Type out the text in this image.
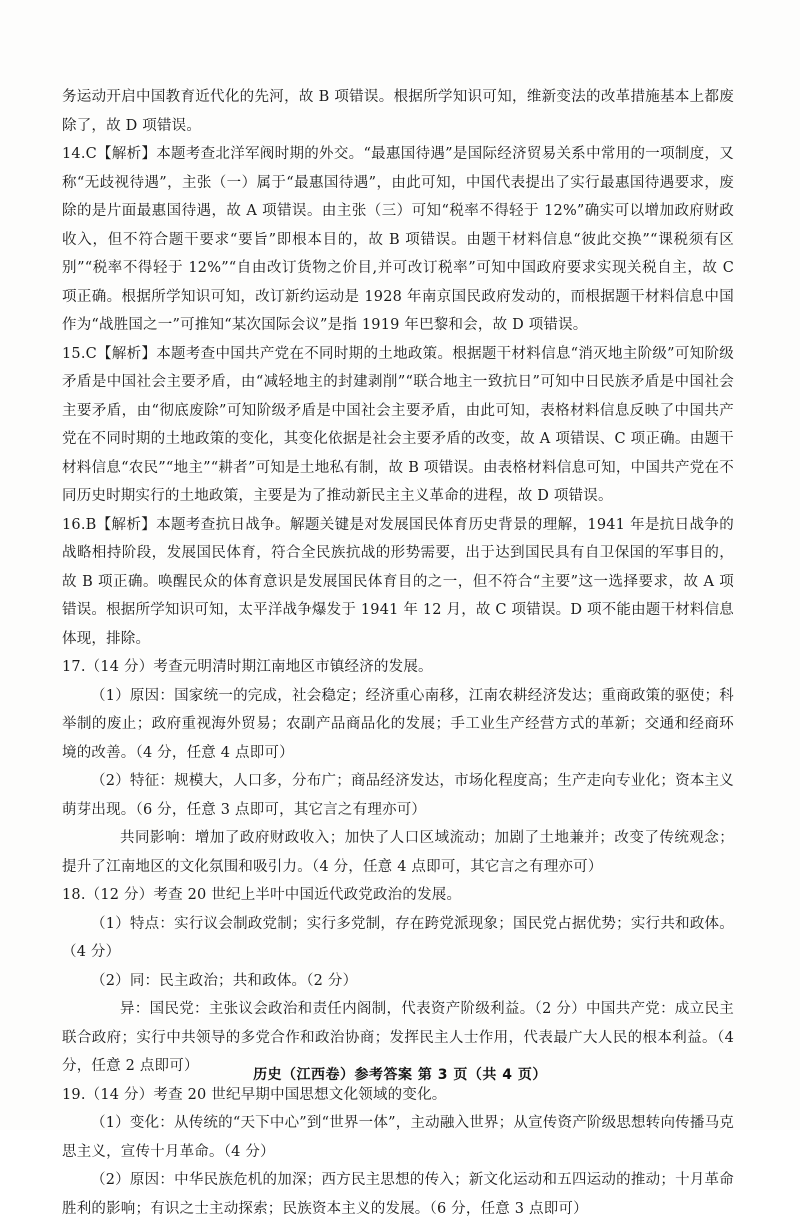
务运动开启中国教育近代化的先河，故 B 项错误。根据所学知识可知，维新变法的改革措施基本上都废除了，故 D 项错误。

14.C【解析】本题考查北洋军阀时期的外交。“最惠国待遇”是国际经济贸易关系中常用的一项制度，又称“无歧视待遇”，主张（一）属于“最惠国待遇”，由此可知，中国代表提出了实行最惠国待遇要求，废除的是片面最惠国待遇，故 A 项错误。由主张（三）可知“税率不得轻于 12%”确实可以增加政府财政收入，但不符合题干要求“要旨”即根本目的，故 B 项错误。由题干材料信息“彼此交换”“课税须有区别”“税率不得轻于 12%”“自由改订货物之价目,并可改订税率”可知中国政府要求实现关税自主，故 C 项正确。根据所学知识可知，改订新约运动是 1928 年南京国民政府发动的，而根据题干材料信息中国作为“战胜国之一”可推知“某次国际会议”是指 1919 年巴黎和会，故 D 项错误。

15.C【解析】本题考查中国共产党在不同时期的土地政策。根据题干材料信息“消灭地主阶级”可知阶级矛盾是中国社会主要矛盾，由“减轻地主的封建剥削”“联合地主一致抗日”可知中日民族矛盾是中国社会主要矛盾，由“彻底废除”可知阶级矛盾是中国社会主要矛盾，由此可知，表格材料信息反映了中国共产党在不同时期的土地政策的变化，其变化依据是社会主要矛盾的改变，故 A 项错误、C 项正确。由题干材料信息“农民”“地主”“耕者”可知是土地私有制，故 B 项错误。由表格材料信息可知，中国共产党在不同历史时期实行的土地政策，主要是为了推动新民主主义革命的进程，故 D 项错误。

16.B【解析】本题考查抗日战争。解题关键是对发展国民体育历史背景的理解，1941 年是抗日战争的战略相持阶段，发展国民体育，符合全民族抗战的形势需要，出于达到国民具有自卫保国的军事目的，故 B 项正确。唤醒民众的体育意识是发展国民体育目的之一，但不符合“主要”这一选择要求，故 A 项错误。根据所学知识可知，太平洋战争爆发于 1941 年 12 月，故 C 项错误。D 项不能由题干材料信息体现，排除。

17.（14 分）考查元明清时期江南地区市镇经济的发展。

（1）原因：国家统一的完成，社会稳定；经济重心南移，江南农耕经济发达；重商政策的驱使；科举制的废止；政府重视海外贸易；农副产品商品化的发展；手工业生产经营方式的革新；交通和经商环境的改善。（4 分，任意 4 点即可）

（2）特征：规模大，人口多，分布广；商品经济发达，市场化程度高；生产走向专业化；资本主义萌芽出现。（6 分，任意 3 点即可，其它言之有理亦可）

共同影响：增加了政府财政收入；加快了人口区域流动；加剧了土地兼并；改变了传统观念；提升了江南地区的文化氛围和吸引力。（4 分，任意 4 点即可，其它言之有理亦可）

18.（12 分）考查 20 世纪上半叶中国近代政党政治的发展。

（1）特点：实行议会制政党制；实行多党制，存在跨党派现象；国民党占据优势；实行共和政体。（4 分）

（2）同：民主政治；共和政体。（2 分）

异：国民党：主张议会政治和责任内阁制，代表资产阶级利益。（2 分）中国共产党：成立民主联合政府；实行中共领导的多党合作和政治协商；发挥民主人士作用，代表最广大人民的根本利益。（4 分，任意 2 点即可）

19.（14 分）考查 20 世纪早期中国思想文化领域的变化。

（1）变化：从传统的“天下中心”到“世界一体”，主动融入世界；从宣传资产阶级思想转向传播马克思主义，宣传十月革命。（4 分）

（2）原因：中华民族危机的加深；西方民主思想的传入；新文化运动和五四运动的推动；十月革命胜利的影响；有识之士主动探索；民族资本主义的发展。（6 分，任意 3 点即可）

历史（江西卷）参考答案 第 3 页（共 4 页）
